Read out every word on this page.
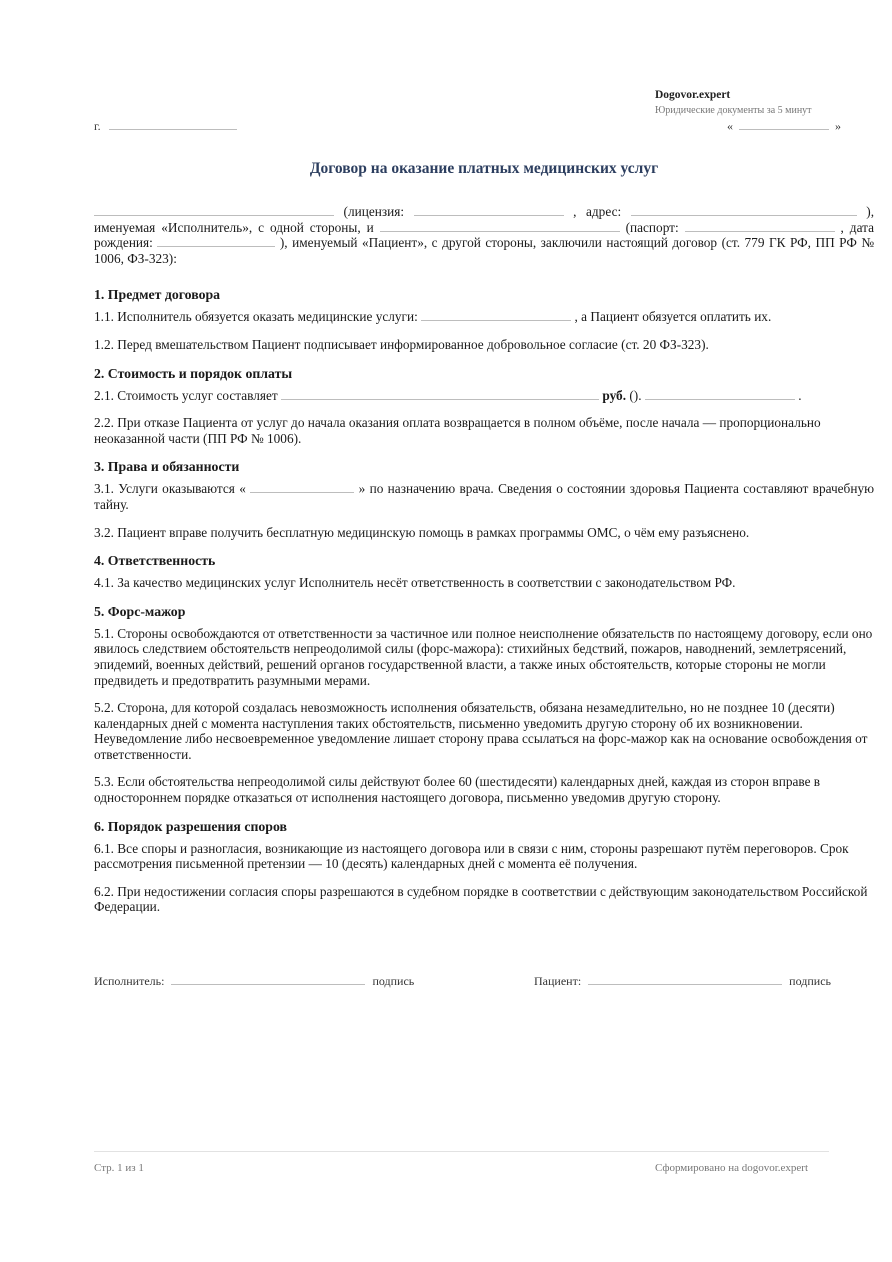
Dogovor.expert
Юридические документы за 5 минут
г.	«	»
Договор на оказание платных медицинских услуг

(лицензия:	, адрес:	), именуемая «Исполнитель», с одной стороны, и	(паспорт:	, дата рождения:	), именуемый «Пациент», с другой стороны, заключили настоящий договор (ст. 779 ГК РФ, ПП РФ № 1006, ФЗ-323):

1. Предмет договора

1.1. Исполнитель обязуется оказать медицинские услуги:	, а Пациент обязуется оплатить их.

1.2. Перед вмешательством Пациент подписывает информированное добровольное согласие (ст. 20 ФЗ-323).

2. Стоимость и порядок оплаты

2.1. Стоимость услуг составляет	руб. ().	.

2.2. При отказе Пациента от услуг до начала оказания оплата возвращается в полном объёме, после начала — пропорционально неоказанной части (ПП РФ № 1006).

3. Права и обязанности

3.1. Услуги оказываются «	» по назначению врача. Сведения о состоянии здоровья Пациента составляют врачебную тайну.

3.2. Пациент вправе получить бесплатную медицинскую помощь в рамках программы ОМС, о чём ему разъяснено.

4. Ответственность

4.1. За качество медицинских услуг Исполнитель несёт ответственность в соответствии с законодательством РФ.

5. Форс-мажор

5.1. Стороны освобождаются от ответственности за частичное или полное неисполнение обязательств по настоящему договору, если оно явилось следствием обстоятельств непреодолимой силы (форс-мажора): стихийных бедствий, пожаров, наводнений, землетрясений, эпидемий, военных действий, решений органов государственной власти, а также иных обстоятельств, которые стороны не могли предвидеть и предотвратить разумными мерами.

5.2. Сторона, для которой создалась невозможность исполнения обязательств, обязана незамедлительно, но не позднее 10 (десяти) календарных дней с момента наступления таких обстоятельств, письменно уведомить другую сторону об их возникновении. Неуведомление либо несвоевременное уведомление лишает сторону права ссылаться на форс-мажор как на основание освобождения от ответственности.

5.3. Если обстоятельства непреодолимой силы действуют более 60 (шестидесяти) календарных дней, каждая из сторон вправе в одностороннем порядке отказаться от исполнения настоящего договора, письменно уведомив другую сторону.

6. Порядок разрешения споров

6.1. Все споры и разногласия, возникающие из настоящего договора или в связи с ним, стороны разрешают путём переговоров. Срок рассмотрения письменной претензии — 10 (десять) календарных дней с момента её получения.

6.2. При недостижении согласия споры разрешаются в судебном порядке в соответствии с действующим законодательством Российской Федерации.

Исполнитель:	подпись	Пациент:	подпись
Стр. 1 из 1	Сформировано на dogovor.expert
